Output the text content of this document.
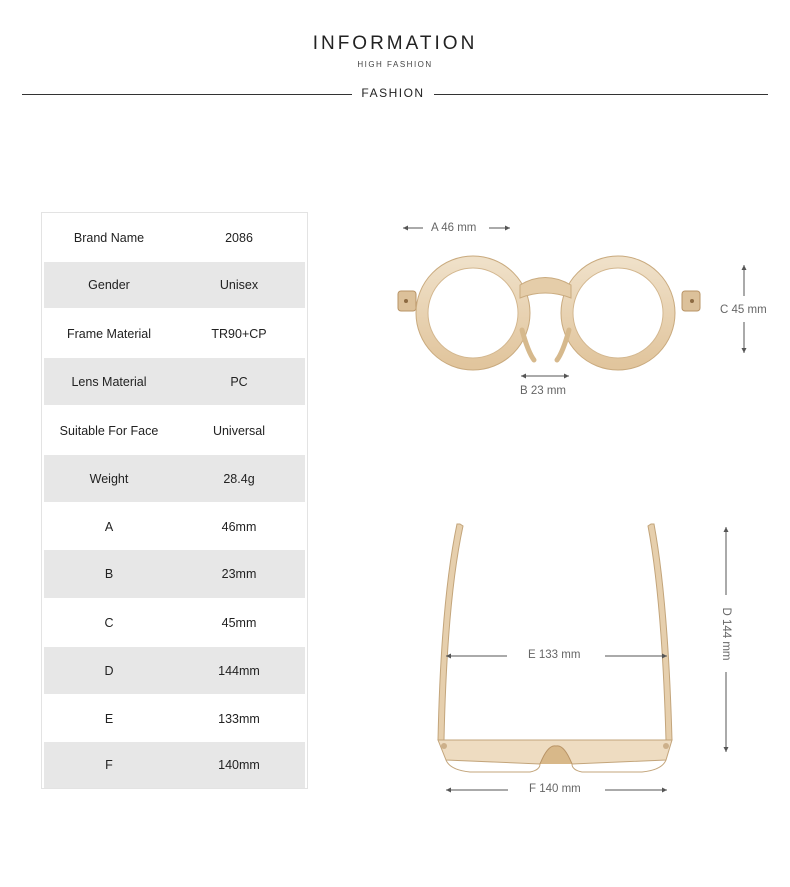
INFORMATION
HIGH FASHION
FASHION
Brand Name	2086
Gender	Unisex
Frame Material	TR90+CP
Lens Material	PC
Suitable For Face	Universal
Weight	28.4g
A	46mm
B	23mm
C	45mm
D	144mm
E	133mm
F	140mm
A 46 mm
B 23 mm
C 45 mm
D 144 mm
E 133 mm
F 140 mm
